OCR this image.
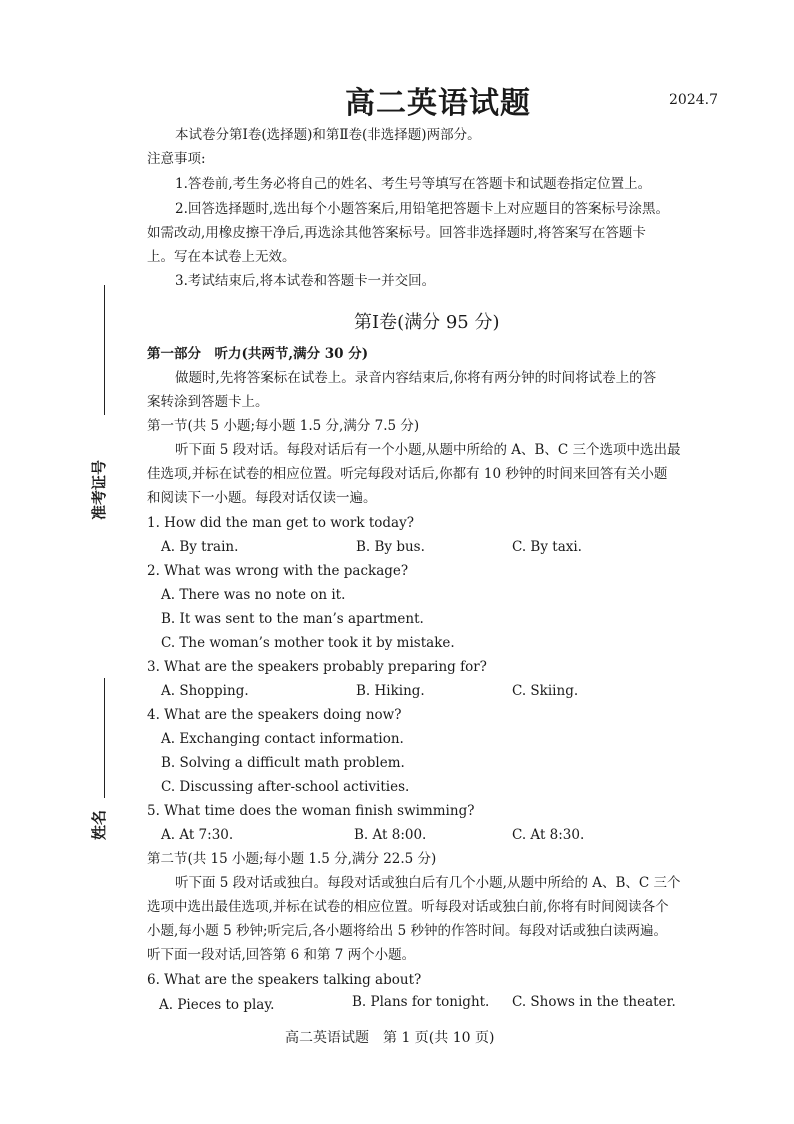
准考证号
姓名
高二英语试题	2024.7
本试卷分第Ⅰ卷(选择题)和第Ⅱ卷(非选择题)两部分。
注意事项:
1.答卷前,考生务必将自己的姓名、考生号等填写在答题卡和试题卷指定位置上。
2.回答选择题时,选出每个小题答案后,用铅笔把答题卡上对应题目的答案标号涂黑。
如需改动,用橡皮擦干净后,再选涂其他答案标号。回答非选择题时,将答案写在答题卡
上。写在本试卷上无效。
3.考试结束后,将本试卷和答题卡一并交回。
第Ⅰ卷(满分 95 分)
第一部分　听力(共两节,满分 30 分)
做题时,先将答案标在试卷上。录音内容结束后,你将有两分钟的时间将试卷上的答
案转涂到答题卡上。
第一节(共 5 小题;每小题 1.5 分,满分 7.5 分)
听下面 5 段对话。每段对话后有一个小题,从题中所给的 A、B、C 三个选项中选出最
佳选项,并标在试卷的相应位置。听完每段对话后,你都有 10 秒钟的时间来回答有关小题
和阅读下一小题。每段对话仅读一遍。
1. How did the man get to work today?
A. By train.	B. By bus.	C. By taxi.
2. What was wrong with the package?
A. There was no note on it.
B. It was sent to the man’s apartment.
C. The woman’s mother took it by mistake.
3. What are the speakers probably preparing for?
A. Shopping.	B. Hiking.	C. Skiing.
4. What are the speakers doing now?
A. Exchanging contact information.
B. Solving a difficult math problem.
C. Discussing after-school activities.
5. What time does the woman finish swimming?
A. At 7:30.	B. At 8:00.	C. At 8:30.
第二节(共 15 小题;每小题 1.5 分,满分 22.5 分)
听下面 5 段对话或独白。每段对话或独白后有几个小题,从题中所给的 A、B、C 三个
选项中选出最佳选项,并标在试卷的相应位置。听每段对话或独白前,你将有时间阅读各个
小题,每小题 5 秒钟;听完后,各小题将给出 5 秒钟的作答时间。每段对话或独白读两遍。
听下面一段对话,回答第 6 和第 7 两个小题。
6. What are the speakers talking about?
A. Pieces to play.	B. Plans for tonight. C. Shows in the theater.
高二英语试题　第 1 页(共 10 页)
